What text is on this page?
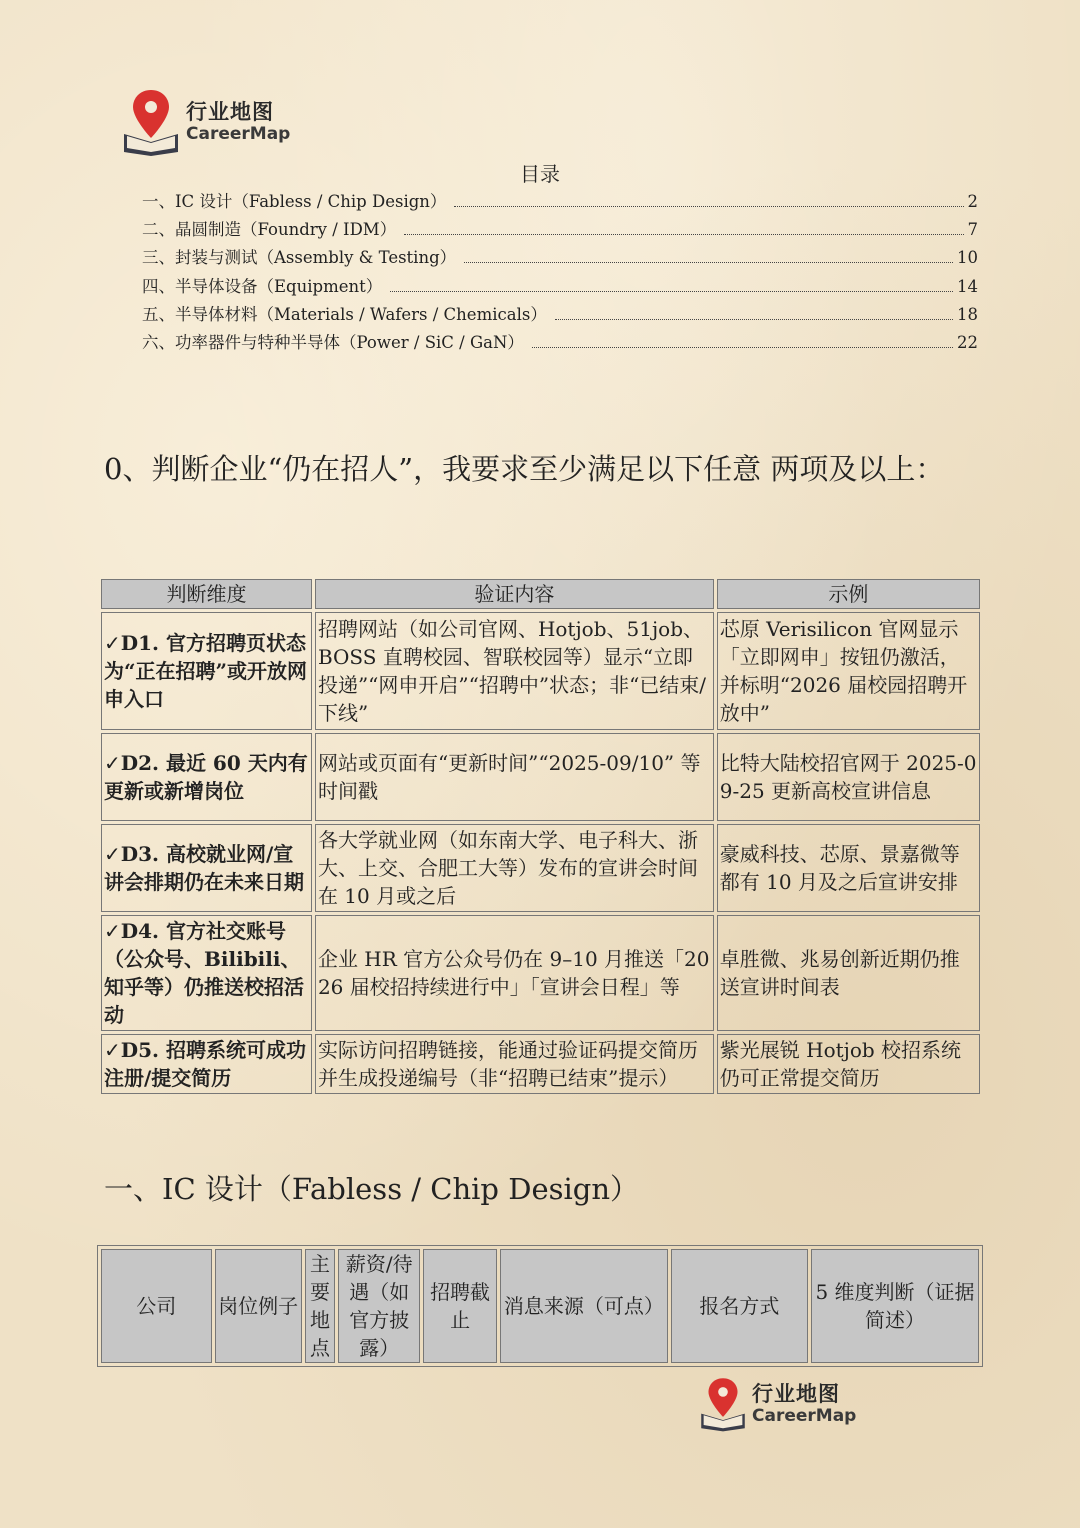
行业地图
CareerMap
目录
一、IC 设计（Fabless / Chip Design）	2
二、晶圆制造（Foundry / IDM）	7
三、封装与测试（Assembly & Testing）	10
四、半导体设备（Equipment）	14
五、半导体材料（Materials / Wafers / Chemicals）	18
六、功率器件与特种半导体（Power / SiC / GaN）	22
0、判断企业“仍在招人”，我要求至少满足以下任意 两项及以上：
判断维度	验证内容	示例
✓D1. 官方招聘页状态为“正在招聘”或开放网申入口	招聘网站（如公司官网、Hotjob、51job、BOSS 直聘校园、智联校园等）显示“立即投递”“网申开启”“招聘中”状态；非“已结束/下线”	芯原 Verisilicon 官网显示「立即网申」按钮仍激活，并标明“2026 届校园招聘开放中”
✓D2. 最近 60 天内有更新或新增岗位	网站或页面有“更新时间”“2025-09/10” 等时间戳	比特大陆校招官网于 2025-09-25 更新高校宣讲信息
✓D3. 高校就业网/宣讲会排期仍在未来日期	各大学就业网（如东南大学、电子科大、浙大、上交、合肥工大等）发布的宣讲会时间在 10 月或之后	豪威科技、芯原、景嘉微等都有 10 月及之后宣讲安排
✓D4. 官方社交账号（公众号、Bilibili、知乎等）仍推送校招活动	企业 HR 官方公众号仍在 9–10 月推送「2026 届校招持续进行中」「宣讲会日程」等	卓胜微、兆易创新近期仍推送宣讲时间表
✓D5. 招聘系统可成功注册/提交简历	实际访问招聘链接，能通过验证码提交简历并生成投递编号（非“招聘已结束”提示）	紫光展锐 Hotjob 校招系统仍可正常提交简历
一、IC 设计（Fabless / Chip Design）
公司	岗位例子	主要地点	薪资/待遇（如官方披露）	招聘截止	消息来源（可点）	报名方式	5 维度判断（证据简述）
行业地图
CareerMap
